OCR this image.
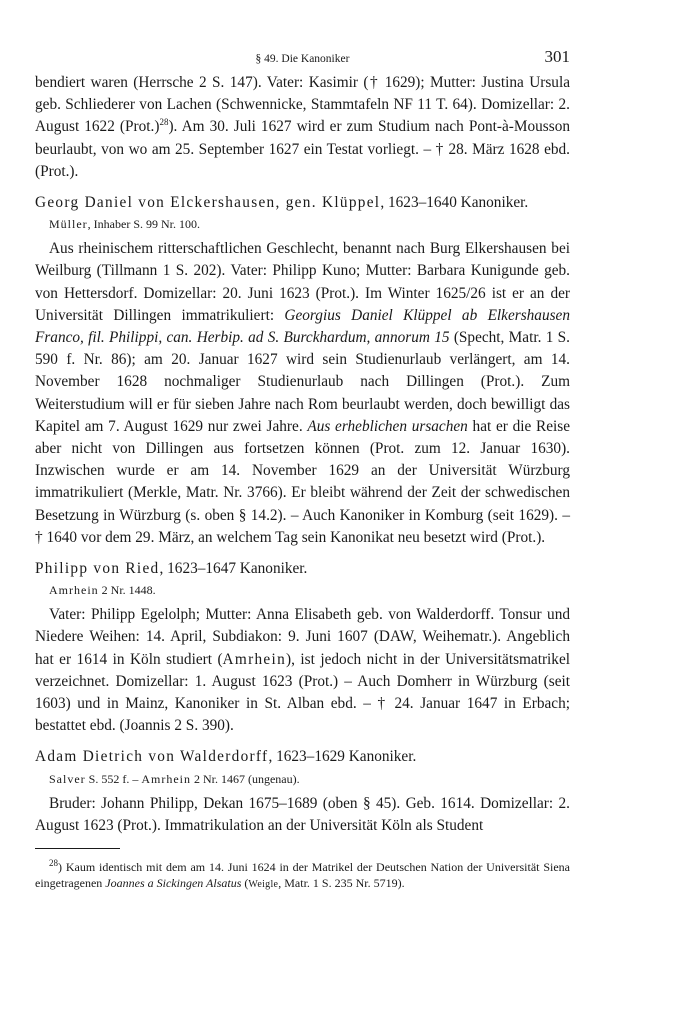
§ 49. Die Kanoniker	301

bendiert waren (Herrsche 2 S. 147). Vater: Kasimir († 1629); Mutter: Justina Ursula geb. Schliederer von Lachen (Schwennicke, Stammtafeln NF 11 T. 64). Domizellar: 2. August 1622 (Prot.)$^{28}$). Am 30. Juli 1627 wird er zum Studium nach Pont-à-Mousson beurlaubt, von wo am 25. September 1627 ein Testat vorliegt. – † 28. März 1628 ebd. (Prot.).

Georg Daniel von Elckershausen, gen. Klüppel, 1623–1640 Kanoniker.
Müller, Inhaber S. 99 Nr. 100.

Aus rheinischem ritterschaftlichen Geschlecht, benannt nach Burg Elkershausen bei Weilburg (Tillmann 1 S. 202). Vater: Philipp Kuno; Mutter: Barbara Kunigunde geb. von Hettersdorf. Domizellar: 20. Juni 1623 (Prot.). Im Winter 1625/26 ist er an der Universität Dillingen immatrikuliert: Georgius Daniel Klüppel ab Elkershausen Franco, fil. Philippi, can. Herbip. ad S. Burckhardum, annorum 15 (Specht, Matr. 1 S. 590 f. Nr. 86); am 20. Januar 1627 wird sein Studienurlaub verlängert, am 14. November 1628 nochmaliger Studienurlaub nach Dillingen (Prot.). Zum Weiterstudium will er für sieben Jahre nach Rom beurlaubt werden, doch bewilligt das Kapitel am 7. August 1629 nur zwei Jahre. Aus erheblichen ursachen hat er die Reise aber nicht von Dillingen aus fortsetzen können (Prot. zum 12. Januar 1630). Inzwischen wurde er am 14. November 1629 an der Universität Würzburg immatrikuliert (Merkle, Matr. Nr. 3766). Er bleibt während der Zeit der schwedischen Besetzung in Würzburg (s. oben § 14.2). – Auch Kanoniker in Komburg (seit 1629). – † 1640 vor dem 29. März, an welchem Tag sein Kanonikat neu besetzt wird (Prot.).

Philipp von Ried, 1623–1647 Kanoniker.
Amrhein 2 Nr. 1448.

Vater: Philipp Egelolph; Mutter: Anna Elisabeth geb. von Walderdorff. Tonsur und Niedere Weihen: 14. April, Subdiakon: 9. Juni 1607 (DAW, Weihematr.). Angeblich hat er 1614 in Köln studiert (Amrhein), ist jedoch nicht in der Universitätsmatrikel verzeichnet. Domizellar: 1. August 1623 (Prot.) – Auch Domherr in Würzburg (seit 1603) und in Mainz, Kanoniker in St. Alban ebd. – † 24. Januar 1647 in Erbach; bestattet ebd. (Joannis 2 S. 390).

Adam Dietrich von Walderdorff, 1623–1629 Kanoniker.
Salver S. 552 f. – Amrhein 2 Nr. 1467 (ungenau).

Bruder: Johann Philipp, Dekan 1675–1689 (oben § 45). Geb. 1614. Domizellar: 2. August 1623 (Prot.). Immatrikulation an der Universität Köln als Student

$^{28}$) Kaum identisch mit dem am 14. Juni 1624 in der Matrikel der Deutschen Nation der Universität Siena eingetragenen Joannes a Sickingen Alsatus (Weigle, Matr. 1 S. 235 Nr. 5719).
